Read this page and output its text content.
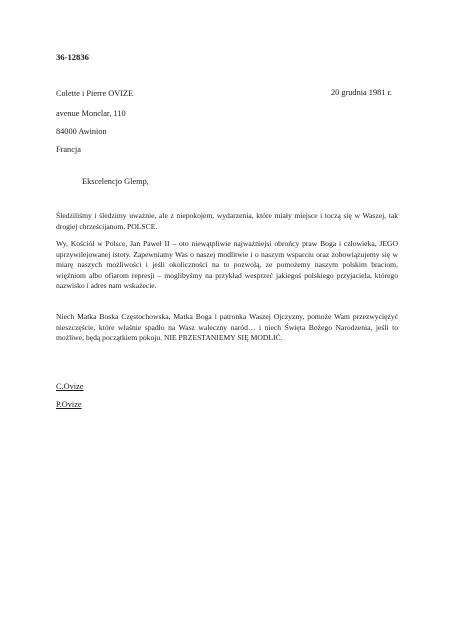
36-12836

Colette i Pierre OVIZE

avenue Monclar, 110

84000 Awinion

Francja

20 grudnia 1981 r.

Ekscelencjo Glemp,

Śledziliśmy i śledzimy uważnie, ale z niepokojem, wydarzenia, które miały miejsce i toczą się w Waszej, tak drogiej chrześcijanom, POLSCE.

Wy, Kościół w Polsce, Jan Paweł II – oto niewątpliwie najważniejsi obrońcy praw Boga i człowieka, JEGO uprzywilejowanej istoty. Zapewniamy Was o naszej modlitwie i o naszym wsparciu oraz zobowiązujemy się w miarę naszych możliwości i jeśli okoliczności na to pozwolą, ze pomożemy naszym polskim braciom, więźniom albo ofiarom represji – moglibyśmy na przykład wesprzeć jakiegoś polskiego przyjaciela, którego nazwisko i adres nam wskażecie.

Niech Matka Boska Częstochowska, Matka Boga i patronka Waszej Ojczyzny, pomoże Wam przezwyciężyć nieszczęście, które właśnie spadło na Wasz waleczny naród… i niech Święta Bożego Narodzenia, jeśli to możliwe, będą początkiem pokoju. NIE PRZESTANIEMY SIĘ MODLIĆ.

C.Ovize

P.Ovize
